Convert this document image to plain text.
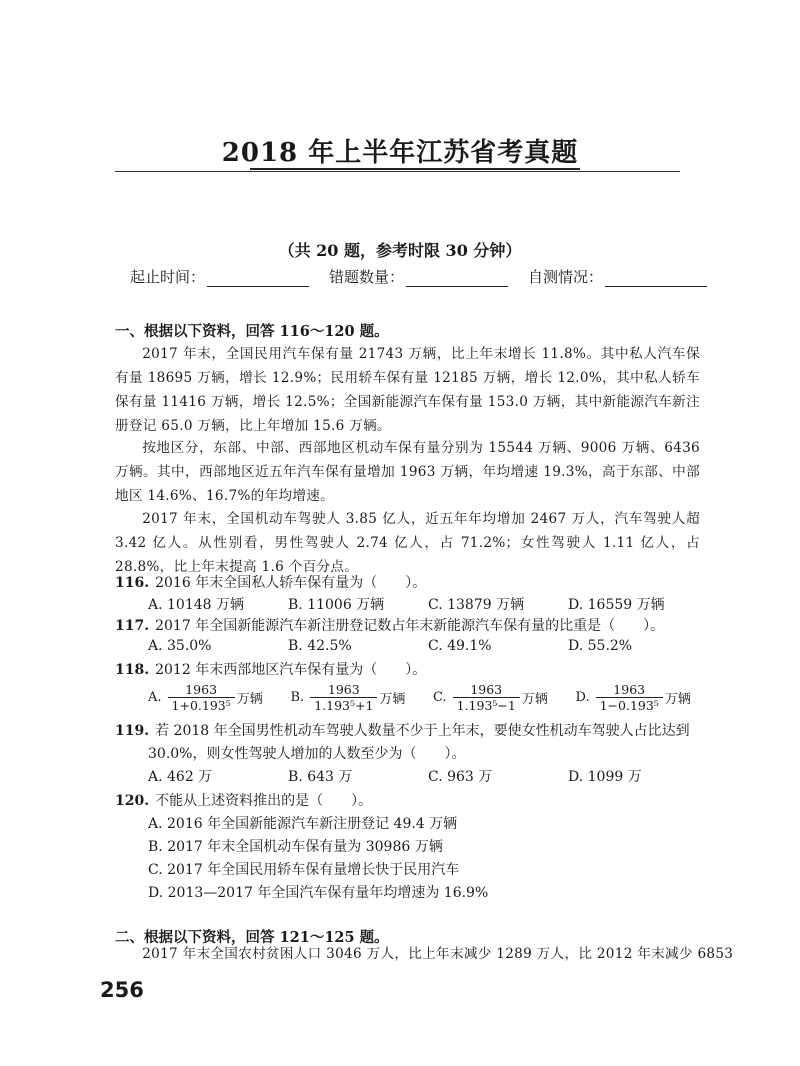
2018 年上半年江苏省考真题
（共 20 题，参考时限 30 分钟）
起止时间：	错题数量：	自测情况：
一、根据以下资料，回答 116～120 题。

2017 年末，全国民用汽车保有量 21743 万辆，比上年末增长 11.8%。其中私人汽车保有量 18695 万辆，增长 12.9%；民用轿车保有量 12185 万辆，增长 12.0%，其中私人轿车保有量 11416 万辆，增长 12.5%；全国新能源汽车保有量 153.0 万辆，其中新能源汽车新注册登记 65.0 万辆，比上年增加 15.6 万辆。

按地区分，东部、中部、西部地区机动车保有量分别为 15544 万辆、9006 万辆、6436 万辆。其中，西部地区近五年汽车保有量增加 1963 万辆，年均增速 19.3%，高于东部、中部地区 14.6%、16.7%的年均增速。

2017 年末，全国机动车驾驶人 3.85 亿人，近五年年均增加 2467 万人，汽车驾驶人超 3.42 亿人。从性别看，男性驾驶人 2.74 亿人，占 71.2%；女性驾驶人 1.11 亿人，占 28.8%，比上年末提高 1.6 个百分点。

116. 2016 年末全国私人轿车保有量为（　　）。
A. 10148 万辆	B. 11006 万辆	C. 13879 万辆	D. 16559 万辆
117. 2017 年全国新能源汽车新注册登记数占年末新能源汽车保有量的比重是（　　）。
A. 35.0%	B. 42.5%	C. 49.1%	D. 55.2%
118. 2012 年末西部地区汽车保有量为（　　）。
A. $\frac{1963}{\text{1+0.193⁵}}$ 万辆 B. $\frac{1963}{\text{1.193⁵+1}}$ 万辆 C. $\frac{1963}{\text{1.193⁵−1}}$ 万辆 D. $\frac{1963}{\text{1−0.193⁵}}$ 万辆
119. 若 2018 年全国男性机动车驾驶人数量不少于上年末，要使女性机动车驾驶人占比达到
30.0%，则女性驾驶人增加的人数至少为（　　）。
A. 462 万	B. 643 万	C. 963 万	D. 1099 万
120. 不能从上述资料推出的是（　　）。
A. 2016 年全国新能源汽车新注册登记 49.4 万辆
B. 2017 年末全国机动车保有量为 30986 万辆
C. 2017 年全国民用轿车保有量增长快于民用汽车
D. 2013—2017 年全国汽车保有量年均增速为 16.9%
二、根据以下资料，回答 121～125 题。

2017 年末全国农村贫困人口 3046 万人，比上年末减少 1289 万人，比 2012 年末减少 6853

256
